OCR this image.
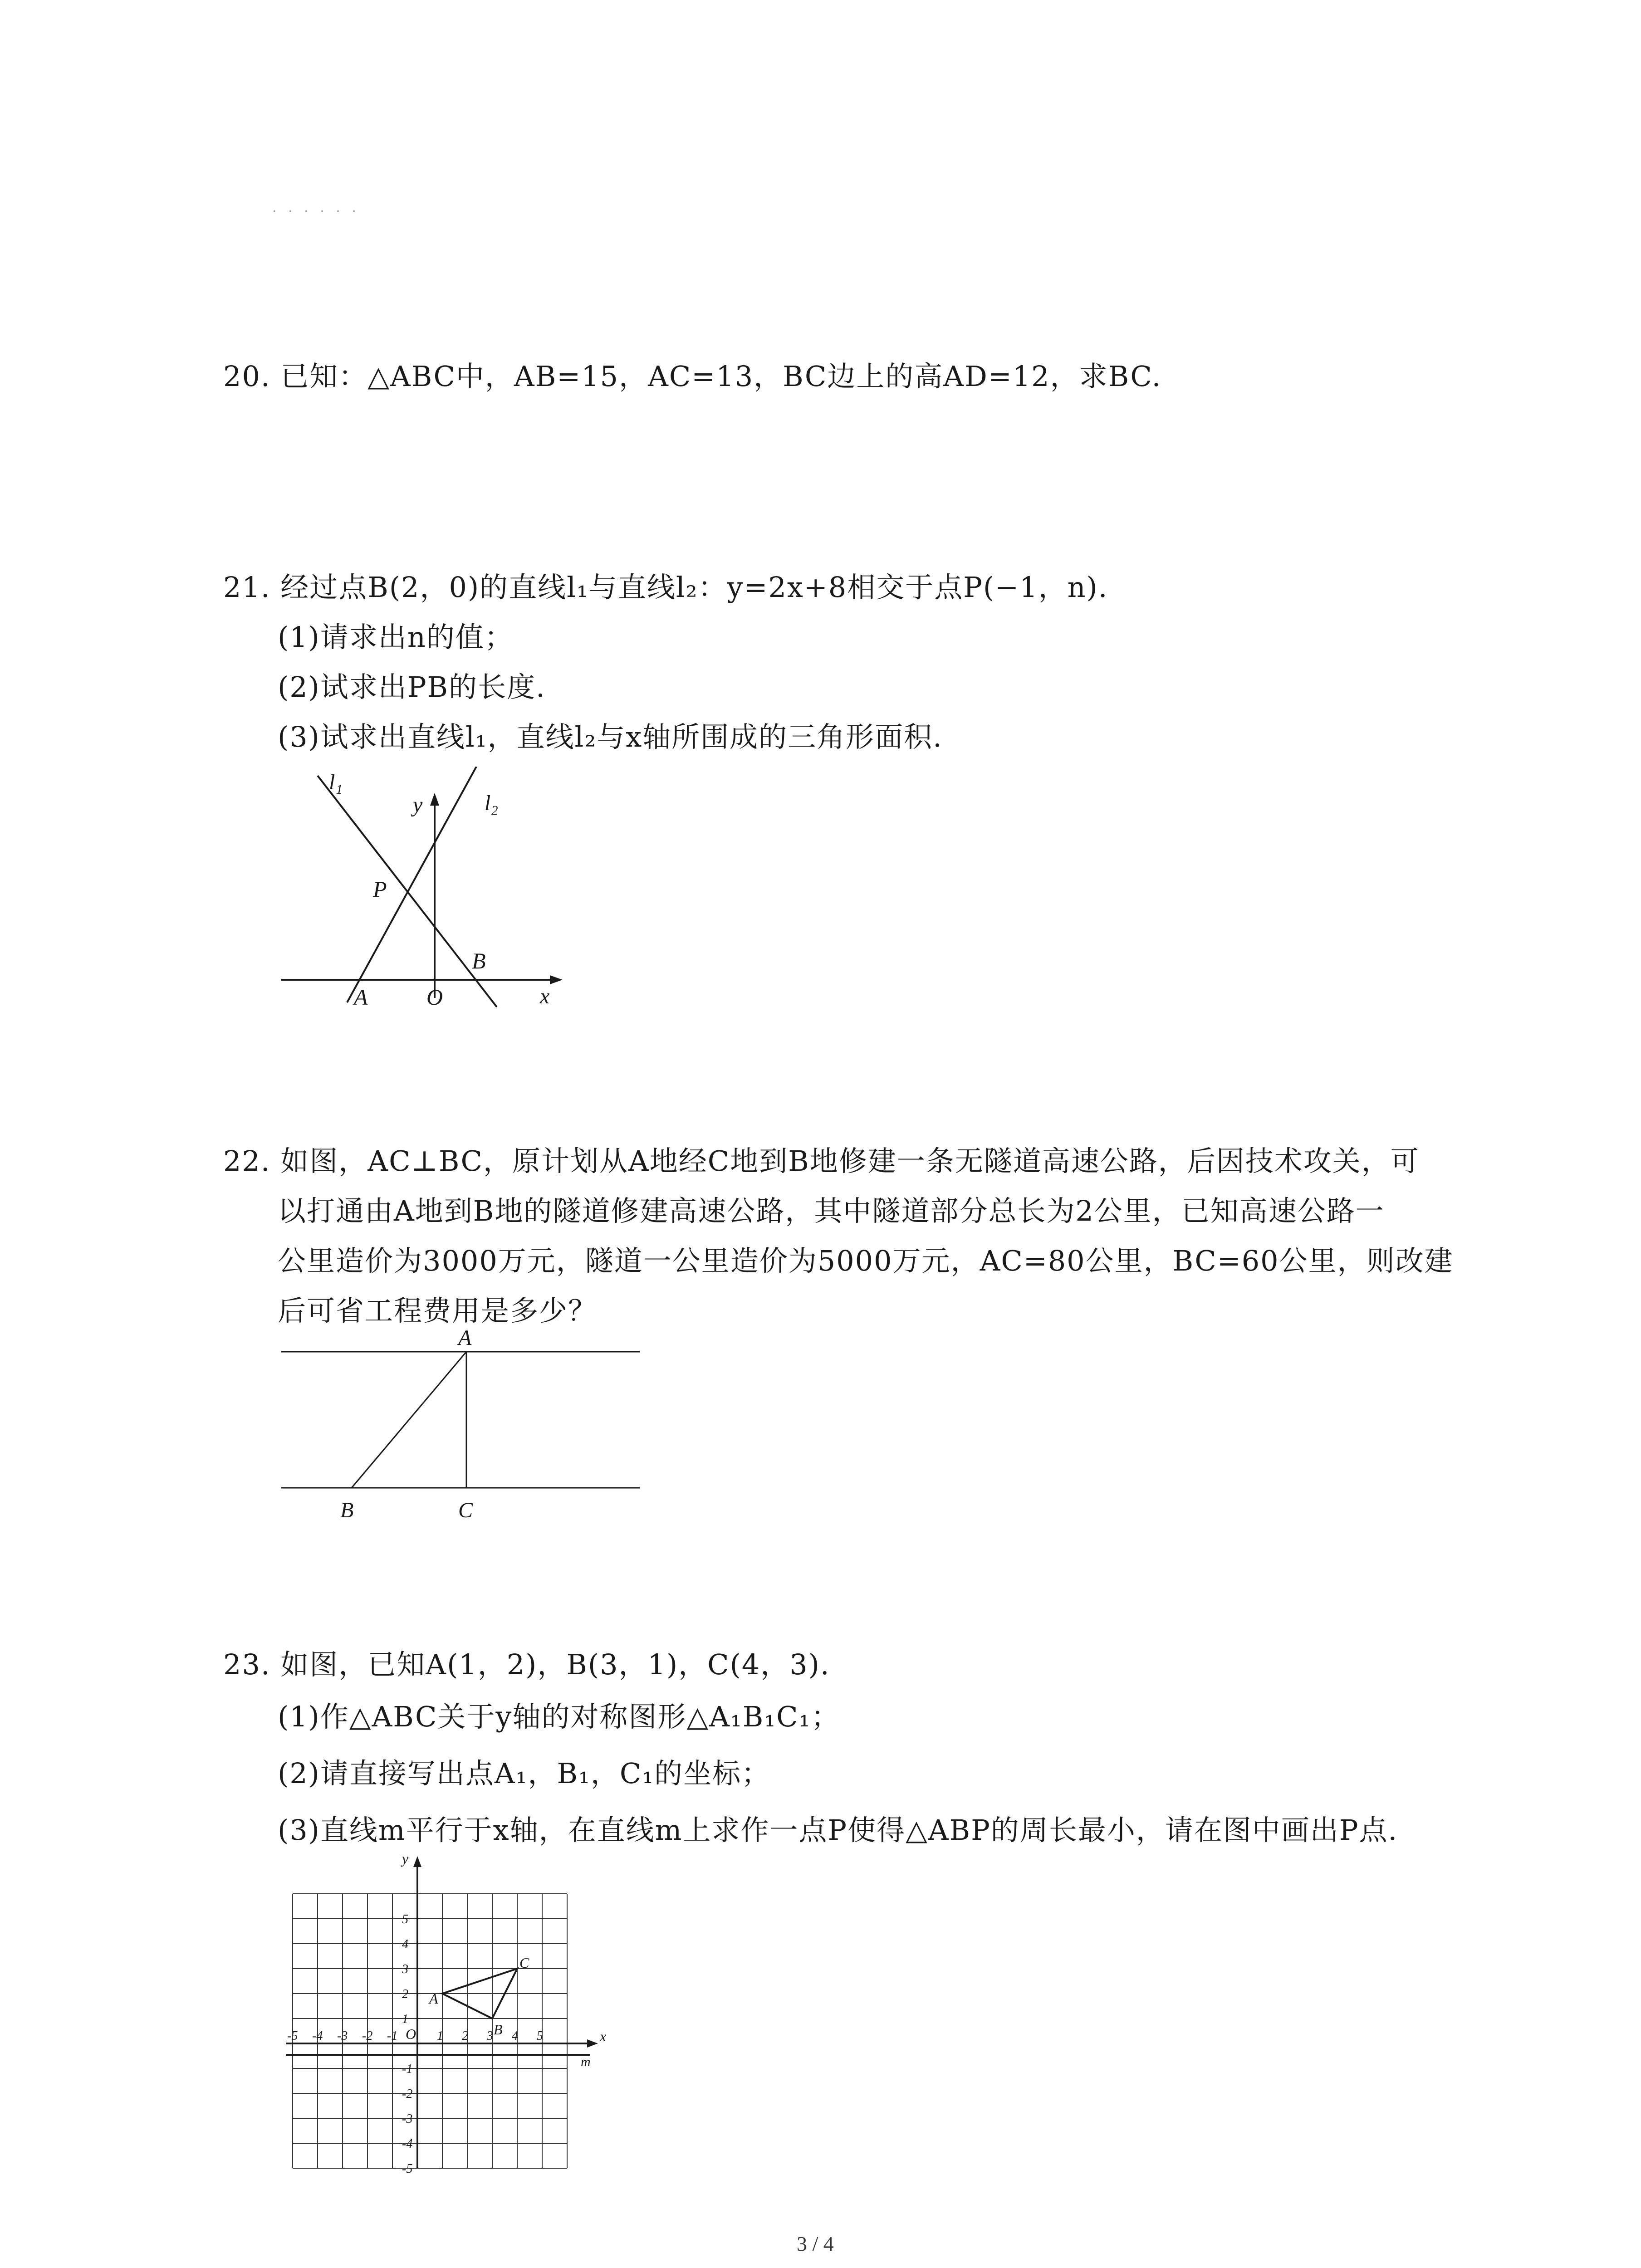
. . . . . .
20. 已知：△ABC中，AB=15，AC=13，BC边上的高AD=12，求BC.
21. 经过点B(2，0)的直线l₁与直线l₂：y=2x+8相交于点P(−1，n).
(1)请求出n的值；
(2)试求出PB的长度.
(3)试求出直线l₁，直线l₂与x轴所围成的三角形面积.
l₁
l₂
y
x
P
A	O
B
22. 如图，AC⊥BC，原计划从A地经C地到B地修建一条无隧道高速公路，后因技术攻关，可
以打通由A地到B地的隧道修建高速公路，其中隧道部分总长为2公里，已知高速公路一
公里造价为3000万元，隧道一公里造价为5000万元，AC=80公里，BC=60公里，则改建
后可省工程费用是多少？
A
B	C
23. 如图，已知A(1，2)，B(3，1)，C(4，3).
(1)作△ABC关于y轴的对称图形△A₁B₁C₁；
(2)请直接写出点A₁，B₁，C₁的坐标；
(3)直线m平行于x轴，在直线m上求作一点P使得△ABP的周长最小，请在图中画出P点.
-5 -4 -3 -2 -1	1 2 3 4 5
5
4
3
2
1
-1
-2
-3
-4
-5
x
y
O
m
A
B
C
3 / 4
